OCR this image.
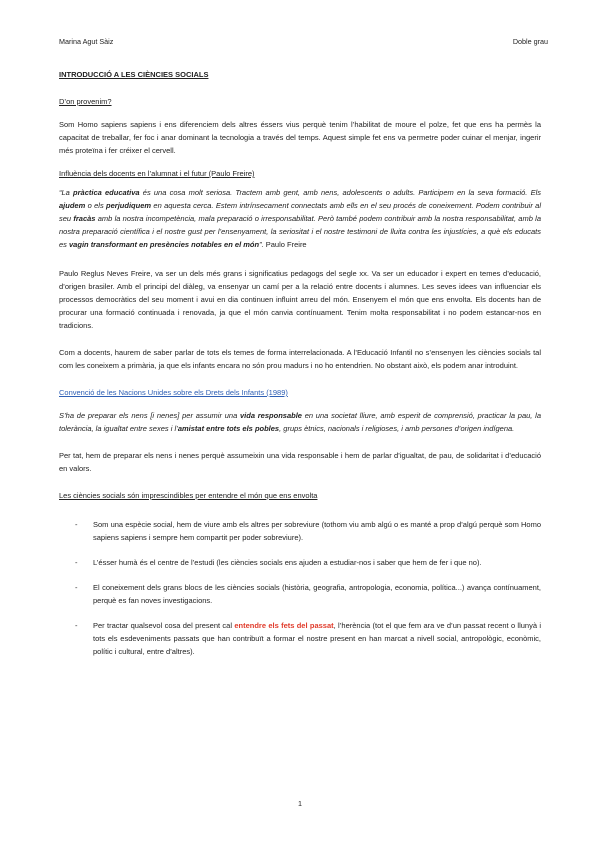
Marina Agut Sàiz	Doble grau

INTRODUCCIÓ A LES CIÈNCIES SOCIALS

D’on provenim?

Som Homo sapiens sapiens i ens diferenciem dels altres éssers vius perquè tenim l’habilitat de moure el polze, fet que ens ha permès la capacitat de treballar, fer foc i anar dominant la tecnologia a través del temps. Aquest simple fet ens va permetre poder cuinar el menjar, ingerir més proteïna i fer créixer el cervell.

Influència dels docents en l’alumnat i el futur (Paulo Freire)

“La pràctica educativa és una cosa molt seriosa. Tractem amb gent, amb nens, adolescents o adults. Participem en la seva formació. Els ajudem o els perjudiquem en aquesta cerca. Estem intrínsecament connectats amb ells en el seu procés de coneixement. Podem contribuir al seu fracàs amb la nostra incompetència, mala preparació o irresponsabilitat. Però també podem contribuir amb la nostra responsabilitat, amb la nostra preparació científica i el nostre gust per l’ensenyament, la seriositat i el nostre testimoni de lluita contra les injustícies, a què els educats es vagin transformant en presències notables en el món”. Paulo Freire

Paulo Reglus Neves Freire, va ser un dels més grans i significatius pedagogs del segle xx. Va ser un educador i expert en temes d’educació, d’origen brasiler. Amb el principi del diàleg, va ensenyar un camí per a la relació entre docents i alumnes. Les seves idees van influenciar els processos democràtics del seu moment i avui en dia continuen influint arreu del món. Ensenyem el món que ens envolta. Els docents han de procurar una formació continuada i renovada, ja que el món canvia contínuament. Tenim molta responsabilitat i no podem estancar-nos en tradicions.

Com a docents, haurem de saber parlar de tots els temes de forma interrelacionada. A l’Educació Infantil no s’ensenyen les ciències socials tal com les coneixem a primària, ja que els infants encara no són prou madurs i no ho entendrien. No obstant això, els podem anar introduint.

Convenció de les Nacions Unides sobre els Drets dels Infants (1989)

S’ha de preparar els nens [i nenes] per assumir una vida responsable en una societat lliure, amb esperit de comprensió, practicar la pau, la tolerància, la igualtat entre sexes i l’amistat entre tots els pobles, grups ètnics, nacionals i religioses, i amb persones d’origen indígena.

Per tat, hem de preparar els nens i nenes perquè assumeixin una vida responsable i hem de parlar d’igualtat, de pau, de solidaritat i d’educació en valors.

Les ciències socials són imprescindibles per entendre el món que ens envolta

- Som una espècie social, hem de viure amb els altres per sobreviure (tothom viu amb algú o es manté a prop d’algú perquè som Homo sapiens sapiens i sempre hem compartit per poder sobreviure).
- L’ésser humà és el centre de l’estudi (les ciències socials ens ajuden a estudiar-nos i saber que hem de fer i que no).
- El coneixement dels grans blocs de les ciències socials (història, geografia, antropologia, economia, política...) avança contínuament, perquè es fan noves investigacions.
- Per tractar qualsevol cosa del present cal entendre els fets del passat, l’herència (tot el que fem ara ve d’un passat recent o llunyà i tots els esdeveniments passats que han contribuït a formar el nostre present en han marcat a nivell social, antropològic, econòmic, polític i cultural, entre d’altres).
1
